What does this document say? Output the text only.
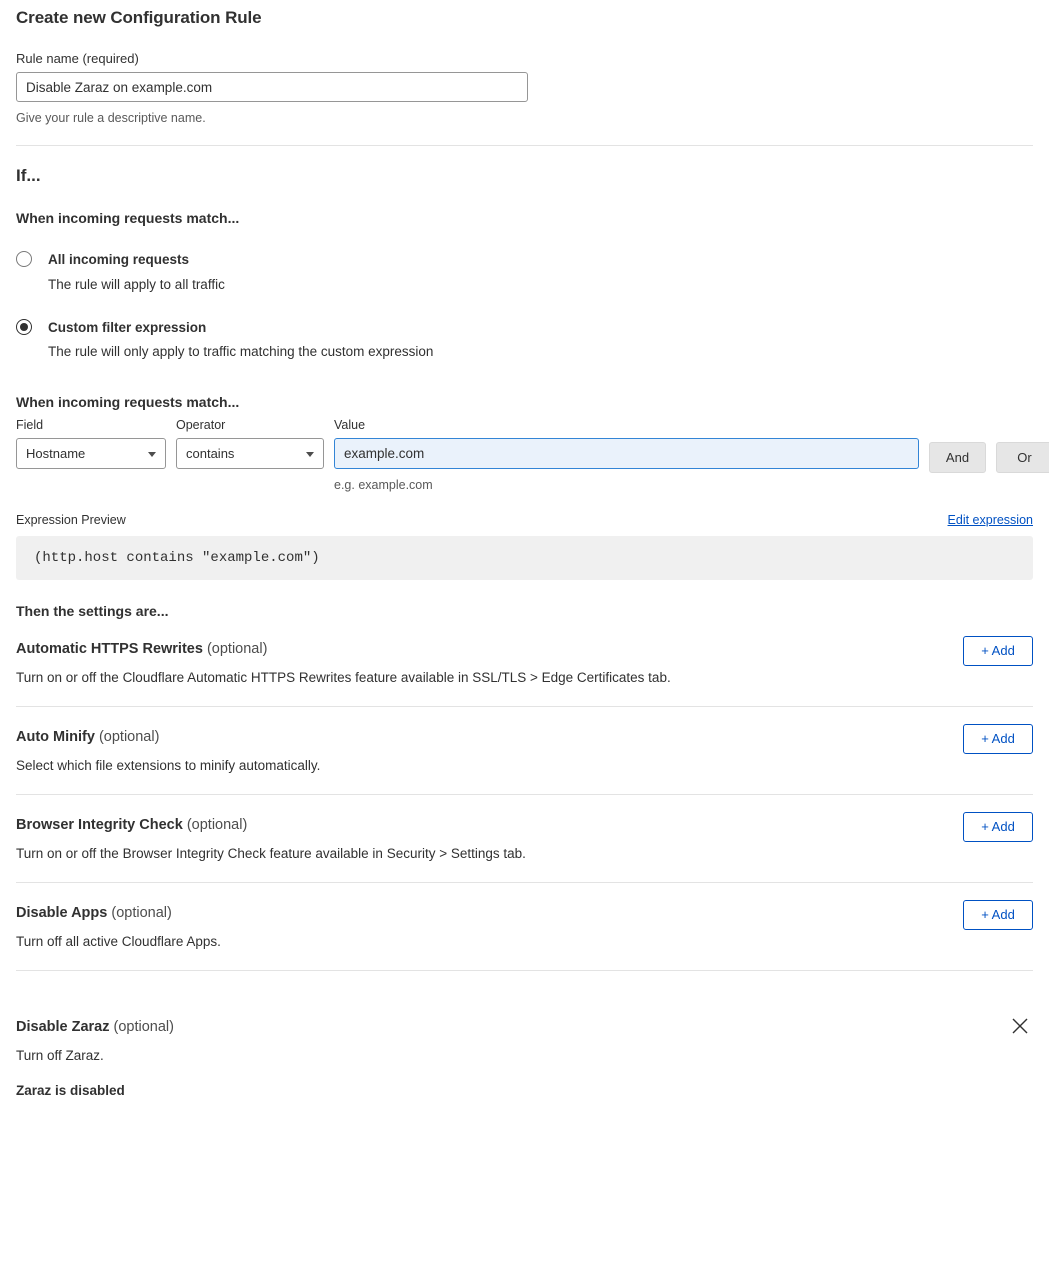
Create new Configuration Rule
Rule name (required)
Disable Zaraz on example.com
Give your rule a descriptive name.
If...
When incoming requests match...
All incoming requests
The rule will apply to all traffic
Custom filter expression
The rule will only apply to traffic matching the custom expression
When incoming requests match...
Field
Hostname
Operator
contains
Value
example.com
e.g. example.com
And	Or
Expression Preview	Edit expression
(http.host contains "example.com")
Then the settings are...
Automatic HTTPS Rewrites (optional)
Turn on or off the Cloudflare Automatic HTTPS Rewrites feature available in SSL/TLS > Edge Certificates tab.
+ Add
Auto Minify (optional)
Select which file extensions to minify automatically.
+ Add
Browser Integrity Check (optional)
Turn on or off the Browser Integrity Check feature available in Security > Settings tab.
+ Add
Disable Apps (optional)
Turn off all active Cloudflare Apps.
+ Add
Disable Zaraz (optional)
Turn off Zaraz.
Zaraz is disabled
